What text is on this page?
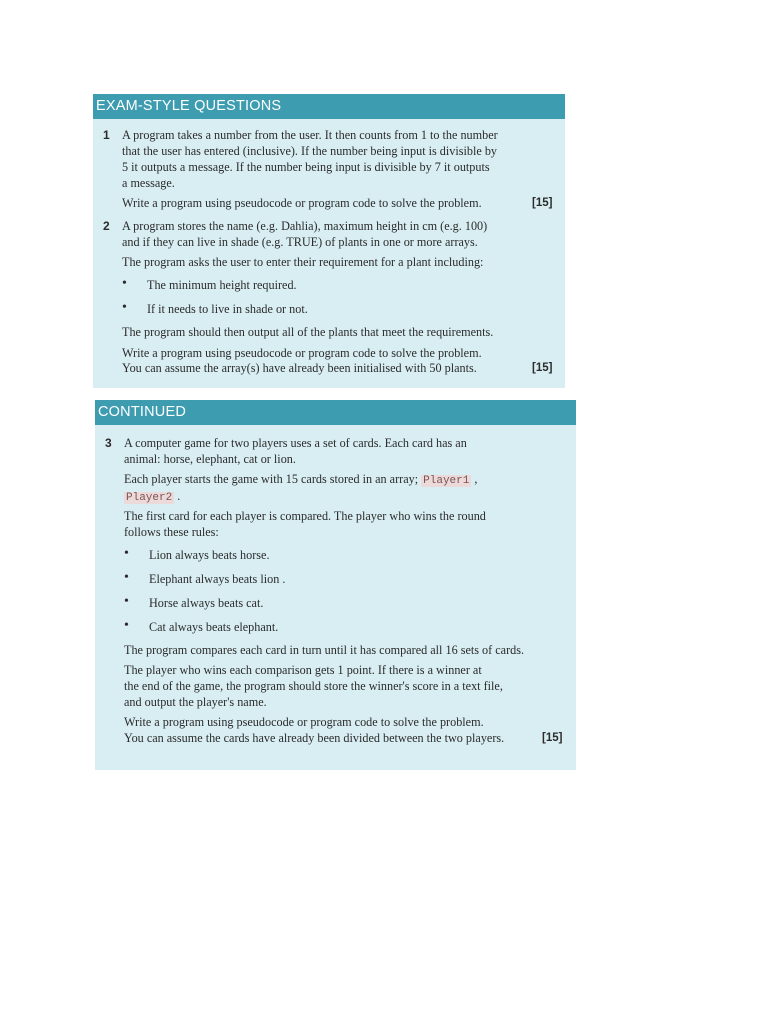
EXAM-STYLE QUESTIONS
1 A program takes a number from the user. It then counts from 1 to the number
that the user has entered (inclusive). If the number being input is divisible by
5 it outputs a message. If the number being input is divisible by 7 it outputs
a message.
Write a program using pseudocode or program code to solve the problem.	[15]
2 A program stores the name (e.g. Dahlia), maximum height in cm (e.g. 100)
and if they can live in shade (e.g. TRUE) of plants in one or more arrays.
The program asks the user to enter their requirement for a plant including:
• The minimum height required.
• If it needs to live in shade or not.
The program should then output all of the plants that meet the requirements.
Write a program using pseudocode or program code to solve the problem.
You can assume the array(s) have already been initialised with 50 plants.	[15]
CONTINUED
3 A computer game for two players uses a set of cards. Each card has an
animal: horse, elephant, cat or lion.
Each player starts the game with 15 cards stored in an array; Player1 ,
Player2 .
The first card for each player is compared. The player who wins the round
follows these rules:
• Lion always beats horse.
• Elephant always beats lion .
• Horse always beats cat.
• Cat always beats elephant.
The program compares each card in turn until it has compared all 16 sets of cards.
The player who wins each comparison gets 1 point. If there is a winner at
the end of the game, the program should store the winner's score in a text file,
and output the player's name.
Write a program using pseudocode or program code to solve the problem.
You can assume the cards have already been divided between the two players.	[15]
